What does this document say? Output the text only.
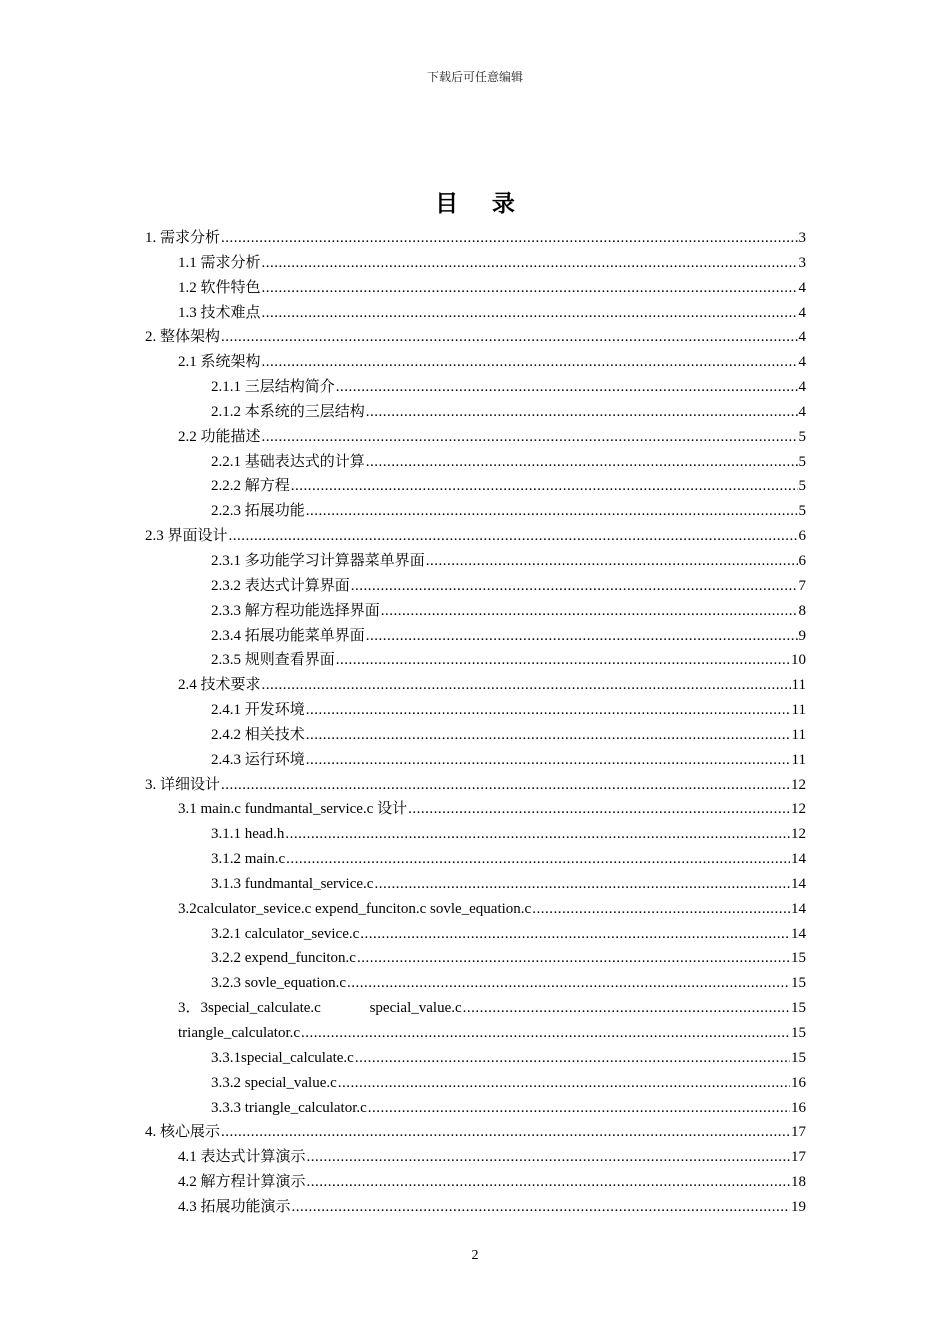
下载后可任意编辑
目 录
1. 需求分析 .....	3
1.1 需求分析 .....	3
1.2 软件特色 .....	4
1.3 技术难点 .....	4
2. 整体架构 .....	4
2.1 系统架构 .....	4
2.1.1 三层结构简介 .....	4
2.1.2 本系统的三层结构 .....	4
2.2 功能描述 .....	5
2.2.1 基础表达式的计算 .....	5
2.2.2 解方程 .....	5
2.2.3 拓展功能 .....	5
2.3 界面设计 .....	6
2.3.1 多功能学习计算器菜单界面 .....	6
2.3.2 表达式计算界面 .....	7
2.3.3 解方程功能选择界面 .....	8
2.3.4 拓展功能菜单界面 .....	9
2.3.5 规则查看界面 .....	10
2.4 技术要求 .....	11
2.4.1 开发环境 .....	11
2.4.2 相关技术 .....	11
2.4.3 运行环境 .....	11
3. 详细设计 .....	12
3.1 main.c fundmantal_service.c 设计 .....	12
3.1.1 head.h .....	12
3.1.2 main.c .....	14
3.1.3 fundmantal_service.c .....	14
3.2calculator_sevice.c expend_funciton.c sovle_equation.c .....	14
3.2.1 calculator_sevice.c .....	14
3.2.2 expend_funciton.c .....	15
3.2.3 sovle_equation.c .....	15
3．3special_calculate.c             special_value.c .....	15
triangle_calculator.c .....	15
3.3.1special_calculate.c .....	15
3.3.2 special_value.c .....	16
3.3.3 triangle_calculator.c .....	16
4. 核心展示 .....	17
4.1 表达式计算演示 .....	17
4.2 解方程计算演示 .....	18
4.3 拓展功能演示 .....	19
2
